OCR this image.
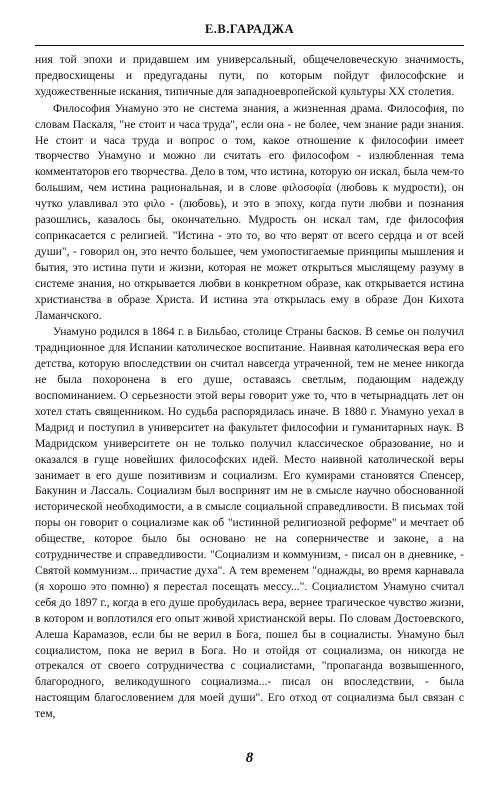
Е.В.ГАРАДЖА

ния той эпохи и придавшем им универсальный, общечеловеческую значимость, предвосхищены и предугаданы пути, по которым пойдут философские и художественные искания, типичные для западноевропейской культуры XX столетия.

Философия Унамуно это не система знания, а жизненная драма. Философия, по словам Паскаля, "не стоит и часа труда", если она - не более, чем знание ради знания. Не стоит и часа труда и вопрос о том, какое отношение к философии имеет творчество Унамуно и можно ли считать его философом - излюбленная тема комментаторов его творчества. Дело в том, что истина, которую он искал, была чем-то большим, чем истина рациональная, и в слове φιλοσοφία (любовь к мудрости), он чутко улавливал это φιλο - (любовь), и это в эпоху, когда пути любви и познания разошлись, казалось бы, окончательно. Мудрость он искал там, где философия соприкасается с религией. "Истина - это то, во что верят от всего сердца и от всей души", - говорил он, это нечто большее, чем умопостигаемые принципы мышления и бытия, это истина пути и жизни, которая не может открыться мыслящему разуму в системе знания, но открывается любви в конкретном образе, как открывается истина христианства в образе Христа. И истина эта открылась ему в образе Дон Кихота Ламанчского.

Унамуно родился в 1864 г. в Бильбао, столице Страны басков. В семье он получил традиционное для Испании католическое воспитание. Наивная католическая вера его детства, которую впоследствии он считал навсегда утраченной, тем не менее никогда не была похоронена в его душе, оставаясь светлым, подающим надежду воспоминанием. О серьезности этой веры говорит уже то, что в четырнадцать лет он хотел стать священником. Но судьба распорядилась иначе. В 1880 г. Унамуно уехал в Мадрид и поступил в университет на факультет философии и гуманитарных наук. В Мадридском университете он не только получил классическое образование, но и оказался в гуще новейших философских идей. Место наивной католической веры занимает в его душе позитивизм и социализм. Его кумирами становятся Спенсер, Бакунин и Лассаль. Социализм был воспринят им не в смысле научно обоснованной исторической необходимости, а в смысле социальной справедливости. В письмах той поры он говорит о социализме как об "истинной религиозной реформе" и мечтает об обществе, которое было бы основано не на соперничестве и законе, а на сотрудничестве и справедливости. "Социализм и коммунизм, - писал он в дневнике, - Святой коммунизм... причастие духа". А тем временем "однажды, во время карнавала (я хорошо это помню) я перестал посещать мессу...". Социалистом Унамуно считал себя до 1897 г., когда в его душе пробудилась вера, вернее трагическое чувство жизни, в котором и воплотился его опыт живой христианской веры. По словам Достоевского, Алеша Карамазов, если бы не верил в Бога, пошел бы в социалисты. Унамуно был социалистом, пока не верил в Бога. Но и отойдя от социализма, он никогда не отрекался от своего сотрудничества с социалистами, "пропаганда возвышенного, благородного, великодушного социализма...- писал он впоследствии, - была настоящим благословением для моей души". Его отход от социализма был связан с тем,

8
